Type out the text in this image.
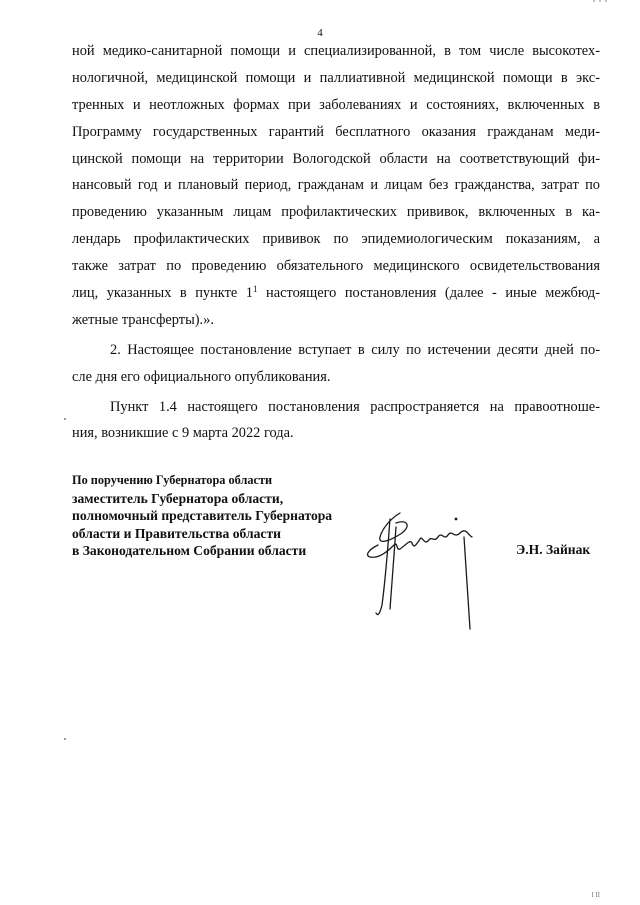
4
ной медико-санитарной помощи и специализированной, в том числе высокотех-
нологичной, медицинской помощи и паллиативной медицинской помощи в экс-
тренных и неотложных формах при заболеваниях и состояниях, включенных в
Программу государственных гарантий бесплатного оказания гражданам меди-
цинской помощи на территории Вологодской области на соответствующий фи-
нансовый год и плановый период, гражданам и лицам без гражданства, затрат по
проведению указанным лицам профилактических прививок, включенных в ка-
лендарь профилактических прививок по эпидемиологическим показаниям, а
также затрат по проведению обязательного медицинского освидетельствования
лиц, указанных в пункте $1^1$ настоящего постановления (далее - иные межбюд-
жетные трансферты).».
2. Настоящее постановление вступает в силу по истечении десяти дней по-
сле дня его официального опубликования.
Пункт 1.4 настоящего постановления распространяется на правоотноше-
ния, возникшие с 9 марта 2022 года.
По поручению Губернатора области
заместитель Губернатора области,
полномочный представитель Губернатора
области и Правительства области
в Законодательном Собрании области	Э.Н. Зайнак
І ІІ
